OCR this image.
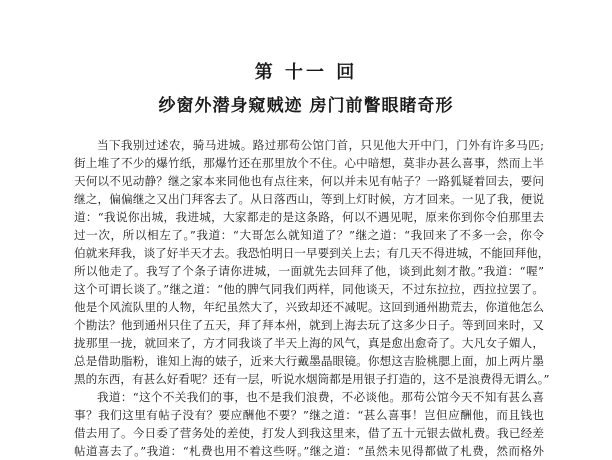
第 十一 回
纱窗外潜身窥贼迹 房门前瞥眼睹奇形
当下我别过述农，骑马进城。路过那苟公馆门首，只见他大开中门，门外有许多马匹;
街上堆了不少的爆竹纸，那爆竹还在那里放个不住。心中暗想，莫非办甚么喜事，然而上半
天何以不见动静？继之家本来同他也有点往来，何以并未见有帖子？一路狐疑着回去，要问
继之，偏偏继之又出门拜客去了。从日落西山，等到上灯时候，方才回来。一见了我，便说
道：“我说你出城，我进城，大家都走的是这条路，何以不遇见呢，原来你到你令伯那里去
过一次，所以相左了。”我道：“大哥怎么就知道了？”继之道：“我回来了不多一会，你令
伯就来拜我，谈了好半天才去。我恐怕明日一早要到关上去；有几天不得进城，不能回拜他，
所以他走了。我写了个条子请你进城，一面就先去回拜了他，谈到此刻才散。”我道：“喔”
这个可谓长谈了。”继之道：“他的脾气同我们两样，同他谈天，不过东拉拉，西拉拉罢了。
他是个风流队里的人物，年纪虽然大了，兴致却还不减呢。这回到通州勘荒去，你道他怎么
个勘法？他到通州只住了五天，拜了拜本州，就到上海去玩了这多少日子。等到回来时，又
拢那里一拢，就回来了，方才同我谈了半天上海的风气，真是愈出愈奇了。大凡女子媚人，
总是借助脂粉，谁知上海的婊子，近来大行戴墨晶眼镜。你想这吉脸桃腮上面，加上两片墨
黑的东西，有甚么好看呢？还有一层，听说水烟筒都是用银子打造的，这不是浪费得无谓么。”
我道：“这个不关我们的事，也不是我们浪费，不必谈他。那苟公馆今天不知有甚么喜
事？我们这里有帖子没有？要应酬他不要？”继之道：“甚么喜事！岂但应酬他，而且钱也
借去用了。今日委了营务处的差使，打发人到我这里来，借了五十元银去做札费。我已经差
帖道喜去了。”我道：“札费也用不着这些呀。”继之道：“虽然未见得都做了札费，然而格外
